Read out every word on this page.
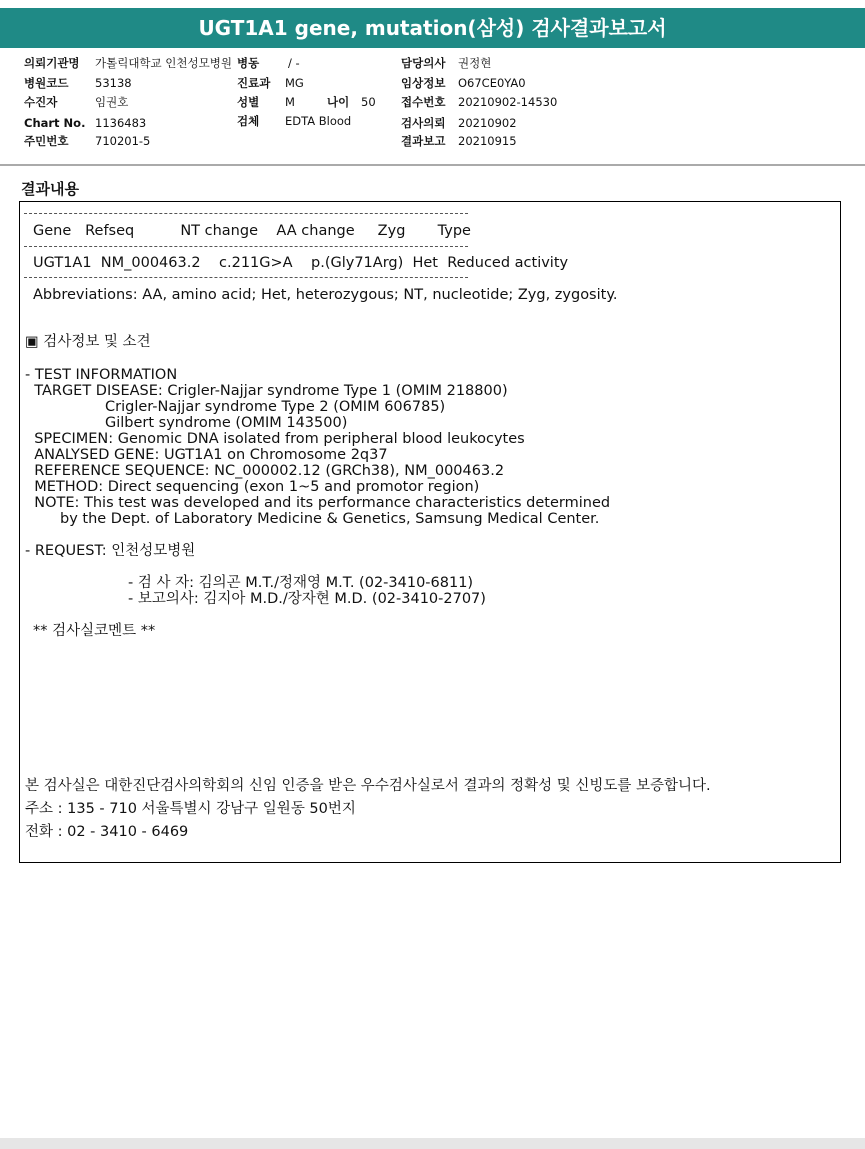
UGT1A1 gene, mutation(삼성) 검사결과보고서
의뢰기관명 가톨릭대학교 인천성모병원 병동	/ -	담당의사 권정현
병원코드 53138	진료과 MG	임상정보 O67CE0YA0
수진자	임권호	성별 M	나이 50 접수번호 20210902-14530
Chart No. 1136483	검체 EDTA Blood	검사의뢰 20210902
주민번호 710201-5	결과보고 20210915
결과내용
Gene   Refseq          NT change    AA change     Zyg       Type
UGT1A1  NM_000463.2    c.211G>A    p.(Gly71Arg)  Het  Reduced activity
Abbreviations: AA, amino acid; Het, heterozygous; NT, nucleotide; Zyg, zygosity.
▣ 검사정보 및 소견
- TEST INFORMATION
TARGET DISEASE: Crigler-Najjar syndrome Type 1 (OMIM 218800)
Crigler-Najjar syndrome Type 2 (OMIM 606785)
Gilbert syndrome (OMIM 143500)
SPECIMEN: Genomic DNA isolated from peripheral blood leukocytes
ANALYSED GENE: UGT1A1 on Chromosome 2q37
REFERENCE SEQUENCE: NC_000002.12 (GRCh38), NM_000463.2
METHOD: Direct sequencing (exon 1~5 and promotor region)
NOTE: This test was developed and its performance characteristics determined
by the Dept. of Laboratory Medicine & Genetics, Samsung Medical Center.
- REQUEST: 인천성모병원
- 검 사 자: 김의곤 M.T./정재영 M.T. (02-3410-6811)
- 보고의사: 김지아 M.D./장자현 M.D. (02-3410-2707)
** 검사실코멘트 **
본 검사실은 대한진단검사의학회의 신임 인증을 받은 우수검사실로서 결과의 정확성 및 신빙도를 보증합니다.
주소 : 135 - 710 서울특별시 강남구 일원동 50번지
전화 : 02 - 3410 - 6469
